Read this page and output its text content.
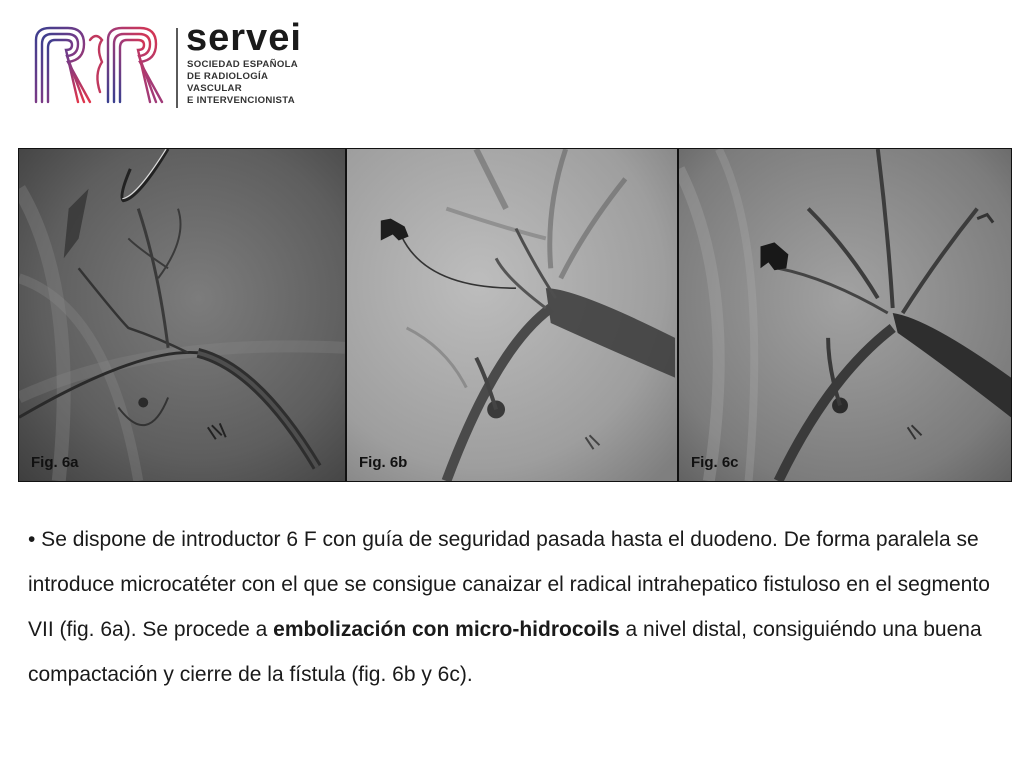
servei
SOCIEDAD ESPAÑOLA
DE RADIOLOGÍA
VASCULAR
E INTERVENCIONISTA
Fig. 6a	Fig. 6b	Fig. 6c
• Se dispone de introductor 6 F con guía de seguridad pasada hasta el duodeno. De forma paralela se introduce microcatéter con el que se consigue canaizar el radical intrahepatico fistuloso en el segmento VII (fig. 6a). Se procede a embolización con micro-hidrocoils a nivel distal, consiguiéndo una buena compactación y cierre de la fístula (fig. 6b y 6c).
